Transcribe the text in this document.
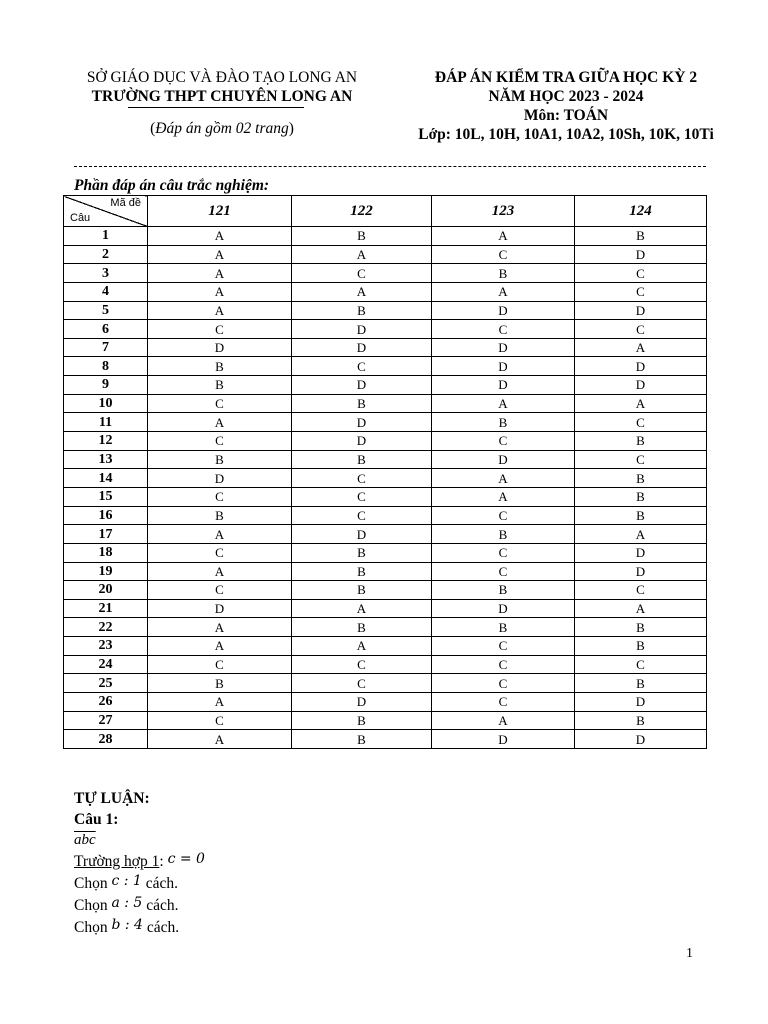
SỞ GIÁO DỤC VÀ ĐÀO TẠO LONG AN
TRƯỜNG THPT CHUYÊN LONG AN
(Đáp án gồm 02 trang)
ĐÁP ÁN KIỂM TRA GIỮA HỌC KỲ 2
NĂM HỌC 2023 - 2024
Môn: TOÁN
Lớp: 10L, 10H, 10A1, 10A2, 10Sh, 10K, 10Ti
Phần đáp án câu trắc nghiệm:
Mã đề
Câu	121	122	123	124
1	A	B	A	B
2	A	A	C	D
3	A	C	B	C
4	A	A	A	C
5	A	B	D	D
6	C	D	C	C
7	D	D	D	A
8	B	C	D	D
9	B	D	D	D
10	C	B	A	A
11	A	D	B	C
12	C	D	C	B
13	B	B	D	C
14	D	C	A	B
15	C	C	A	B
16	B	C	C	B
17	A	D	B	A
18	C	B	C	D
19	A	B	C	D
20	C	B	B	C
21	D	A	D	A
22	A	B	B	B
23	A	A	C	B
24	C	C	C	C
25	B	C	C	B
26	A	D	C	D
27	C	B	A	B
28	A	B	D	D
TỰ LUẬN:
Câu 1:
$\overline{abc}$
Trường hợp 1: c = 0
Chọn c : 1 cách.
Chọn a : 5 cách.
Chọn b : 4 cách.
1
